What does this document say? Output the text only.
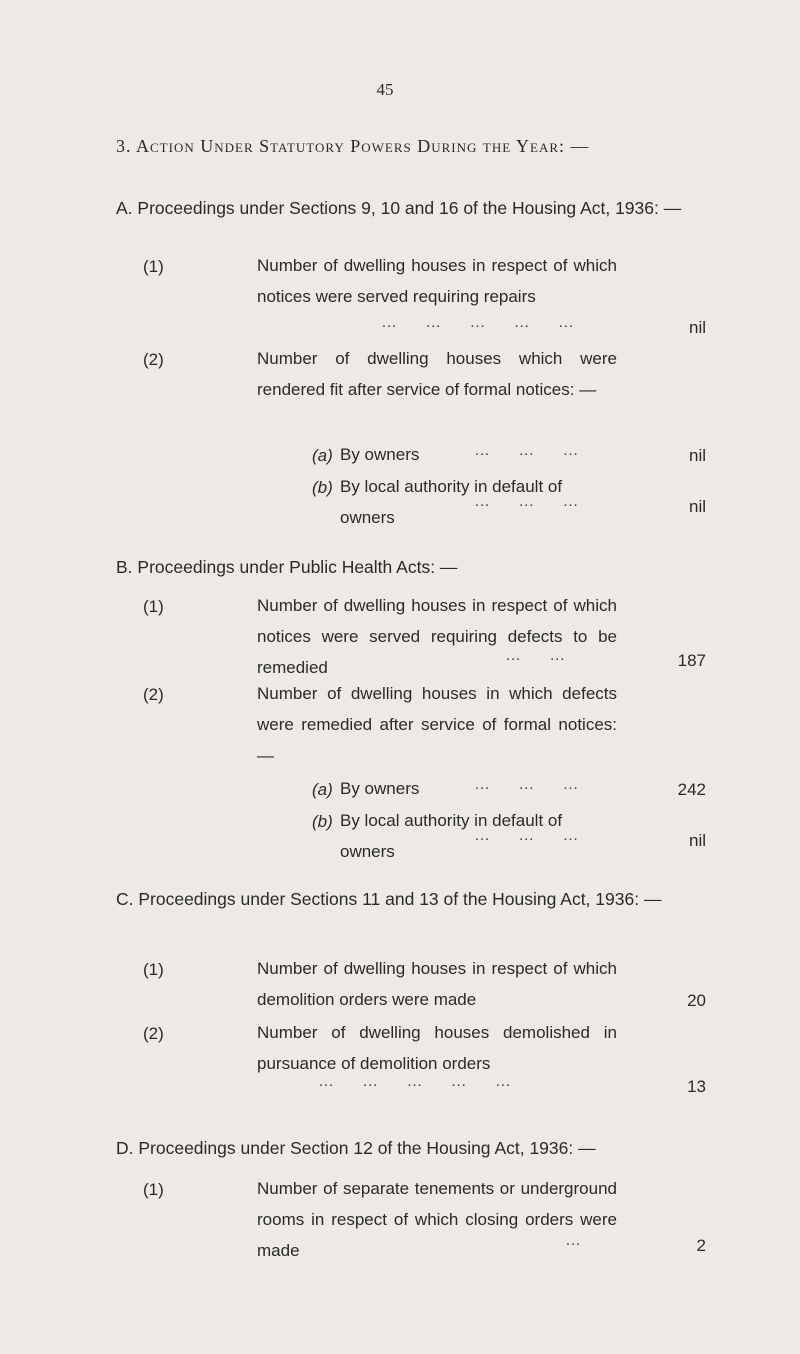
45
3. Action Under Statutory Powers During the Year: —
A. Proceedings under Sections 9, 10 and 16 of the Housing Act, 1936: —
(1)	Number of dwelling houses in respect of which notices were served requiring repairs
…     …     …     …     …	nil
(2)	Number of dwelling houses which were rendered fit after service of formal notices: —
(a) By owners	…     …     …	nil
(b) By local authority in default of owners
…     …     …	nil
B. Proceedings under Public Health Acts: —
(1)	Number of dwelling houses in respect of which notices were served requiring defects to be remedied
…     …	187
(2)	Number of dwelling houses in which defects were remedied after service of formal notices: —
(a) By owners	…     …     …	242
(b) By local authority in default of owners
…     …     …	nil
C. Proceedings under Sections 11 and 13 of the Housing Act, 1936: —
(1)	Number of dwelling houses in respect of which demolition orders were made	20
(2)	Number of dwelling houses demolished in pursuance of demolition orders
…     …     …     …     …	13
D. Proceedings under Section 12 of the Housing Act, 1936: —
(1)	Number of separate tenements or underground rooms in respect of which closing orders were made
…	2
